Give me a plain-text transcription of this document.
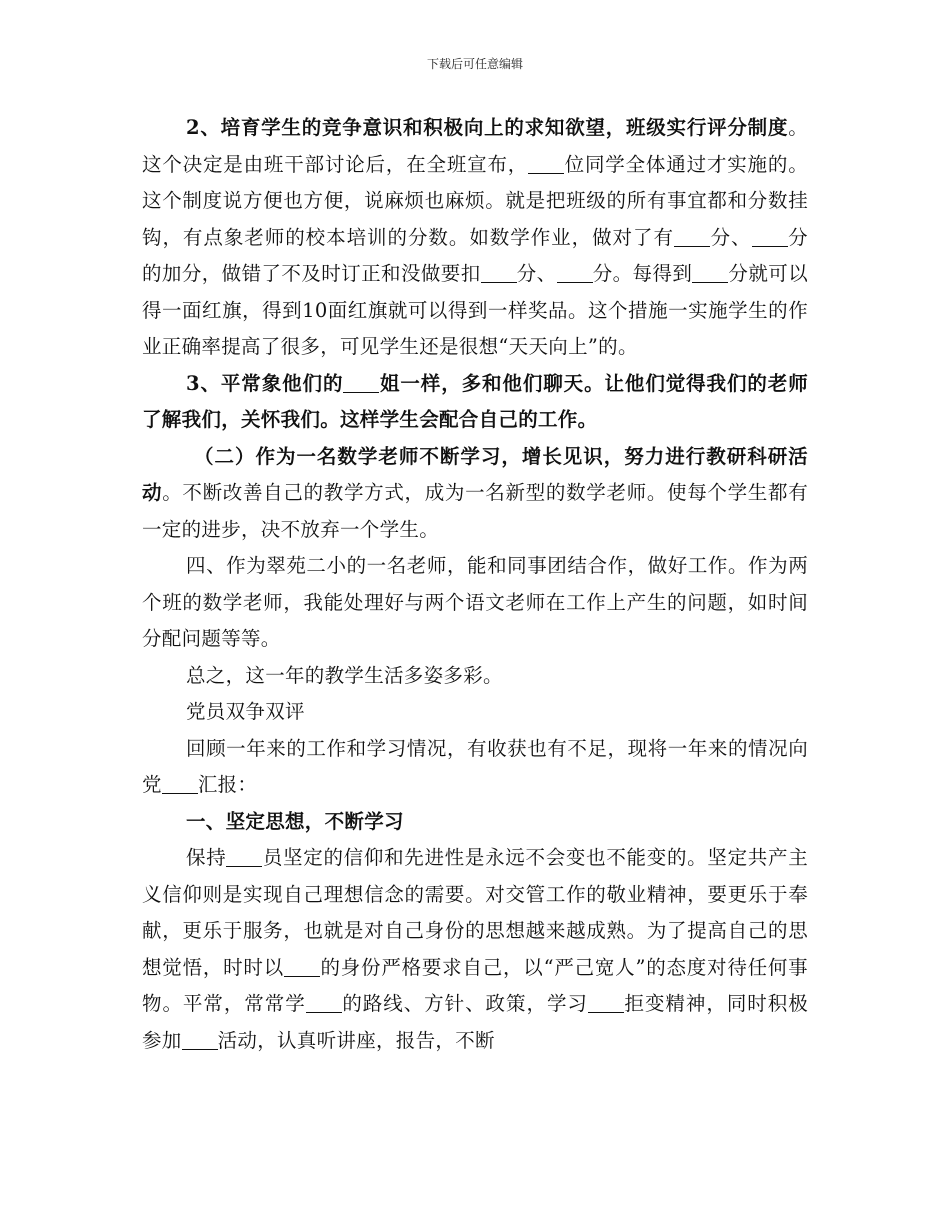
下载后可任意编辑

2、培育学生的竞争意识和积极向上的求知欲望，班级实行评分制度。这个决定是由班干部讨论后，在全班宣布， 位同学全体通过才实施的。这个制度说方便也方便，说麻烦也麻烦。就是把班级的所有事宜都和分数挂钩，有点象老师的校本培训的分数。如数学作业，做对了有 分、 分的加分，做错了不及时订正和没做要扣 分、 分。每得到 分就可以得一面红旗，得到10面红旗就可以得到一样奖品。这个措施一实施学生的作业正确率提高了很多，可见学生还是很想“天天向上”的。

3、平常象他们的 姐一样，多和他们聊天。让他们觉得我们的老师了解我们，关怀我们。这样学生会配合自己的工作。

（二）作为一名数学老师不断学习，增长见识，努力进行教研科研活动。不断改善自己的教学方式，成为一名新型的数学老师。使每个学生都有一定的进步，决不放弃一个学生。

四、作为翠苑二小的一名老师，能和同事团结合作，做好工作。作为两个班的数学老师，我能处理好与两个语文老师在工作上产生的问题，如时间分配问题等等。

总之，这一年的教学生活多姿多彩。

党员双争双评

回顾一年来的工作和学习情况，有收获也有不足，现将一年来的情况向党 汇报：

一、坚定思想，不断学习

保持 员坚定的信仰和先进性是永远不会变也不能变的。坚定共产主义信仰则是实现自己理想信念的需要。对交管工作的敬业精神，要更乐于奉献，更乐于服务，也就是对自己身份的思想越来越成熟。为了提高自己的思想觉悟，时时以 的身份严格要求自己，以“严己宽人”的态度对待任何事物。平常，常常学 的路线、方针、政策，学习 拒变精神，同时积极参加 活动，认真听讲座，报告，不断
